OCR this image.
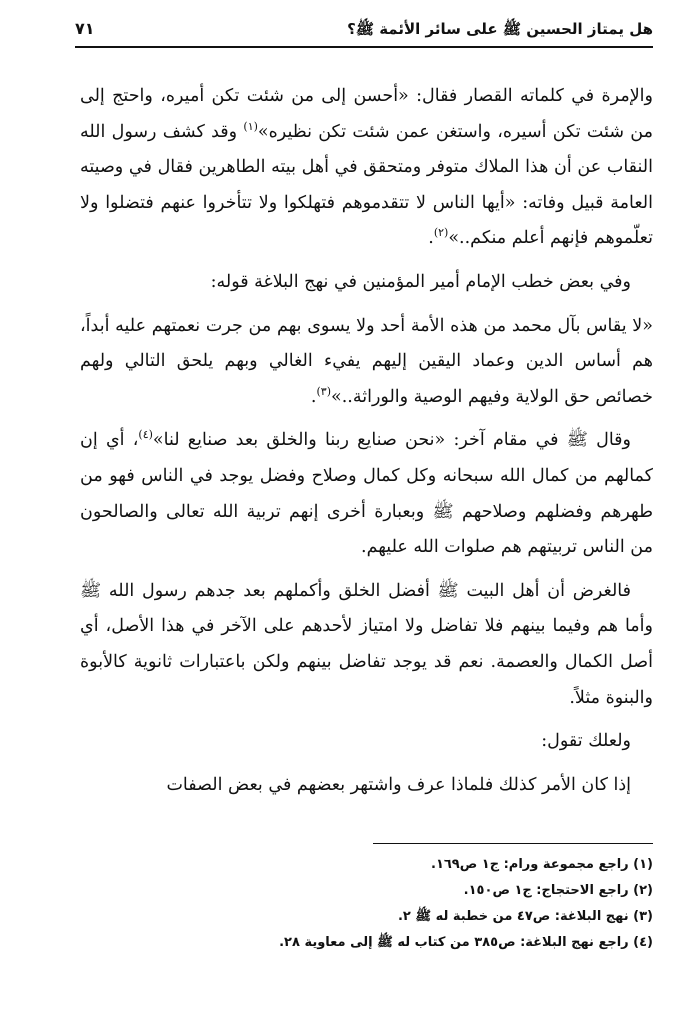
هل يمتاز الحسين ﷺ على سائر الأئمة ﷺ؟
٧١

والإمرة في كلماته القصار فقال: «أحسن إلى من شئت تكن أميره، واحتج إلى من شئت تكن أسيره، واستغن عمن شئت تكن نظيره»$^{(١)}$ وقد كشف رسول الله النقاب عن أن هذا الملاك متوفر ومتحقق في أهل بيته الطاهرين فقال في وصيته العامة قبيل وفاته: «أيها الناس لا تتقدموهم فتهلكوا ولا تتأخروا عنهم فتضلوا ولا تعلّموهم فإنهم أعلم منكم..»$^{(٢)}$.

وفي بعض خطب الإمام أمير المؤمنين في نهج البلاغة قوله:

«لا يقاس بآل محمد من هذه الأمة أحد ولا يسوى بهم من جرت نعمتهم عليه أبداً، هم أساس الدين وعماد اليقين إليهم يفيء الغالي وبهم يلحق التالي ولهم خصائص حق الولاية وفيهم الوصية والوراثة..»$^{(٣)}$.

وقال ﷺ في مقام آخر: «نحن صنايع ربنا والخلق بعد صنايع لنا»$^{(٤)}$، أي إن كمالهم من كمال الله سبحانه وكل كمال وصلاح وفضل يوجد في الناس فهو من طهرهم وفضلهم وصلاحهم ﷺ وبعبارة أخرى إنهم تربية الله تعالى والصالحون من الناس تربيتهم هم صلوات الله عليهم.

فالغرض أن أهل البيت ﷺ أفضل الخلق وأكملهم بعد جدهم رسول الله ﷺ وأما هم وفيما بينهم فلا تفاضل ولا امتياز لأحدهم على الآخر في هذا الأصل، أي أصل الكمال والعصمة. نعم قد يوجد تفاضل بينهم ولكن باعتبارات ثانوية كالأبوة والبنوة مثلاً.

ولعلك تقول:

إذا كان الأمر كذلك فلماذا عرف واشتهر بعضهم في بعض الصفات

(١) راجع مجموعة ورام: ج١ ص١٦٩.
(٢) راجع الاحتجاج: ج١ ص١٥٠.
(٣) نهج البلاغة: ص٤٧ من خطبة له ﷺ ٢.
(٤) راجع نهج البلاغة: ص٣٨٥ من كتاب له ﷺ إلى معاوية ٢٨.
